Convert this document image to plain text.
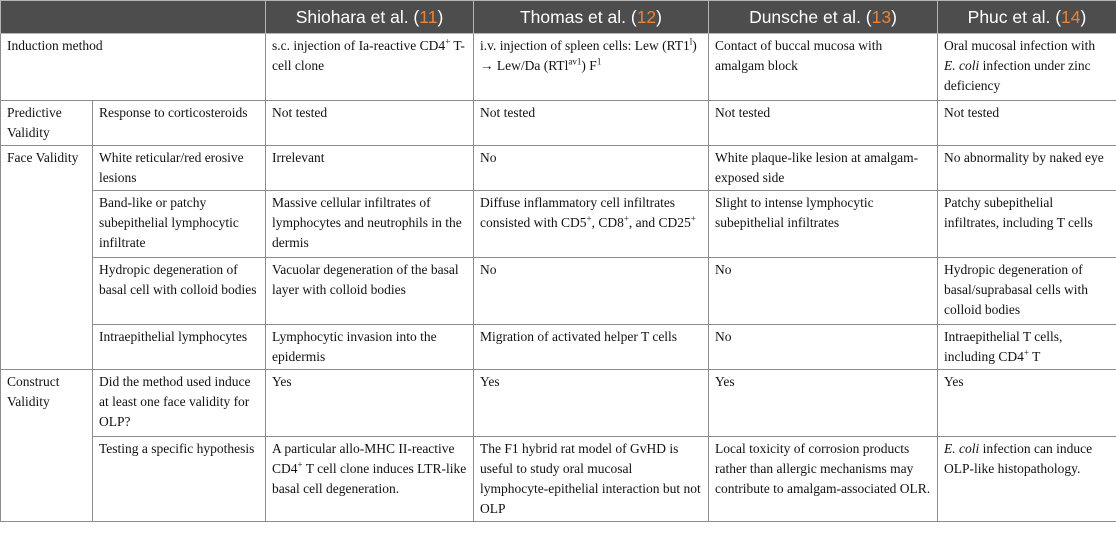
		Shiohara et al. (11)	Thomas et al. (12)	Dunsche et al. (13)	Phuc et al. (14)
Induction method		s.c. injection of Ia-reactive CD4+ T-cell clone	i.v. injection of spleen cells: Lew $(RT1^l) \to Lew/Da$ (RTl$^{av1}$) $F^1$	Contact of buccal mucosa with amalgam block	Oral mucosal infection with E. coli infection under zinc deficiency
Predictive Validity	Response to corticosteroids	Not tested	Not tested	Not tested	Not tested
Face Validity	White reticular/red erosive lesions	Irrelevant	No	White plaque-like lesion at amalgam-exposed side	No abnormality by naked eye
	Band-like or patchy subepithelial lymphocytic infiltrate	Massive cellular infiltrates of lymphocytes and neutrophils in the dermis	Diffuse inflammatory cell infiltrates consisted with CD5+, CD8+, and CD25+	Slight to intense lymphocytic subepithelial infiltrates	Patchy subepithelial infiltrates, including T cells
	Hydropic degeneration of basal cell with colloid bodies	Vacuolar degeneration of the basal layer with colloid bodies	No	No	Hydropic degeneration of basal/suprabasal cells with colloid bodies
	Intraepithelial lymphocytes	Lymphocytic invasion into the epidermis	Migration of activated helper T cells	No	Intraepithelial T cells, including CD4+ T
Construct Validity	Did the method used induce at least one face validity for OLP?	Yes	Yes	Yes	Yes
	Testing a specific hypothesis	A particular allo-MHC II-reactive CD4+ T cell clone induces LTR-like basal cell degeneration.	The F1 hybrid rat model of GvHD is useful to study oral mucosal lymphocyte-epithelial interaction but not OLP	Local toxicity of corrosion products rather than allergic mechanisms may contribute to amalgam-associated OLR.	E. coli infection can induce OLP-like histopathology.
